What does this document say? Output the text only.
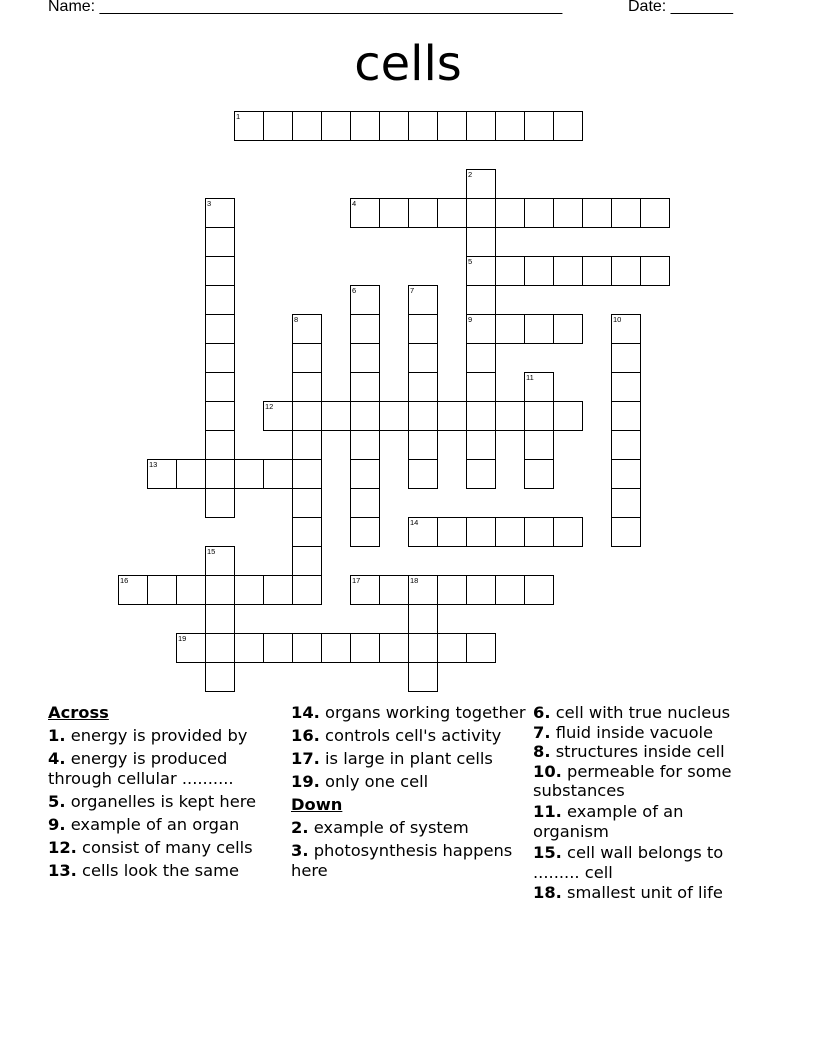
Name: ____________________________________________________	Date: _______
cells
1
2
5
9
3	4
6	7
8	10
11
12
13
14
15
16	17	18
19
Across
1. energy is provided by
4. energy is produced through cellular ..........
5. organelles is kept here
9. example of an organ
12. consist of many cells
13. cells look the same
14. organs working together
16. controls cell's activity
17. is large in plant cells
19. only one cell
Down
2. example of system
3. photosynthesis happens here
6. cell with true nucleus
7. fluid inside vacuole
8. structures inside cell
10. permeable for some substances
11. example of an organism
15. cell wall belongs to ......... cell
18. smallest unit of life
